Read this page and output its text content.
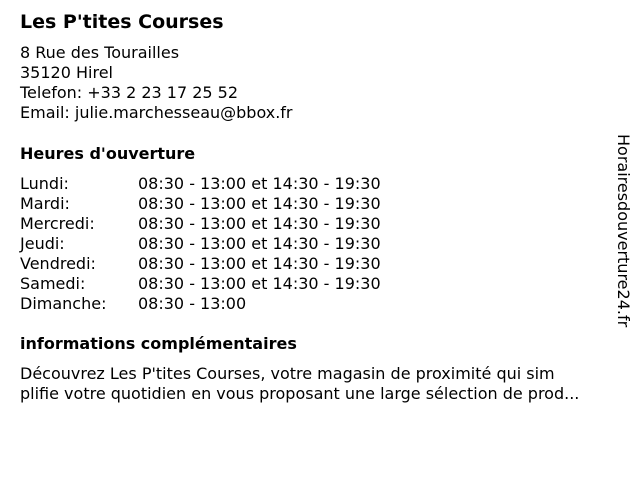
Les P'tites Courses
8 Rue des Tourailles
35120 Hirel
Telefon: +33 2 23 17 25 52
Email: julie.marchesseau@bbox.fr
Heures d'ouverture
Lundi:	08:30 - 13:00 et 14:30 - 19:30
Mardi:	08:30 - 13:00 et 14:30 - 19:30
Mercredi:	08:30 - 13:00 et 14:30 - 19:30
Jeudi:	08:30 - 13:00 et 14:30 - 19:30
Vendredi:	08:30 - 13:00 et 14:30 - 19:30
Samedi:	08:30 - 13:00 et 14:30 - 19:30
Dimanche:	08:30 - 13:00
informations complémentaires
Découvrez Les P'tites Courses, votre magasin de proximité qui sim
plifie votre quotidien en vous proposant une large sélection de prod...
Horairesdouverture24.fr
